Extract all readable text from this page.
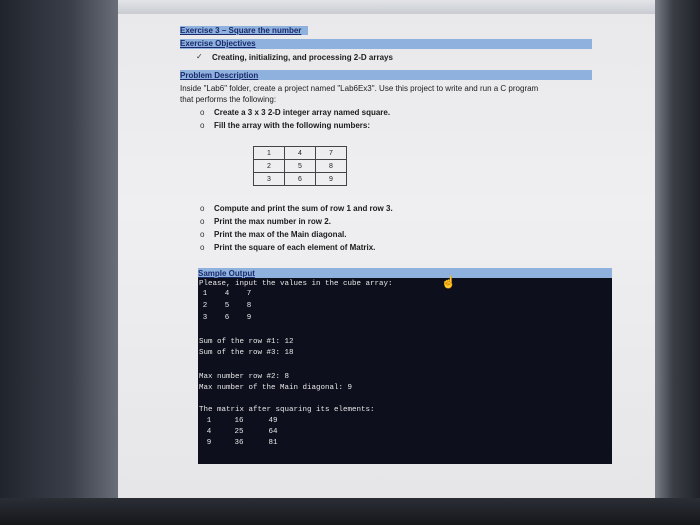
Exercise 3 – Square the number
Exercise Objectives
✓ Creating, initializing, and processing 2-D arrays
Problem Description
Inside "Lab6" folder, create a project named "Lab6Ex3". Use this project to write and run a C program
that performs the following:
o Create a 3 x 3 2-D integer array named square.
o Fill the array with the following numbers:
1	4	7
2	5	8
3	6	9
o Compute and print the sum of row 1 and row 3.
o Print the max number in row 2.
o Print the max of the Main diagonal.
o Print the square of each element of Matrix.
Sample Output
Please, input the values in the cube array:
1	4	7
2	5	8
3	6	9
Sum of the row #1: 12
Sum of the row #3: 18
Max number row #2: 8
Max number of the Main diagonal: 9
The matrix after squaring its elements:
1	16	49
4	25	64
9	36	81
☝
